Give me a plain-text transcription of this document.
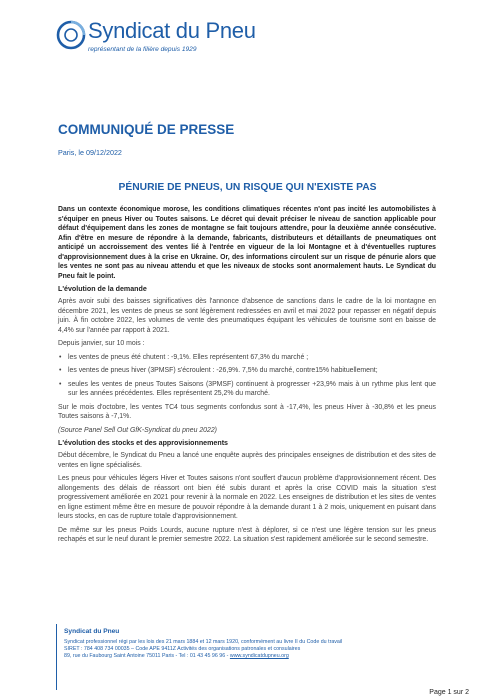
Syndicat du Pneu
représentant de la filière depuis 1929
COMMUNIQUÉ DE PRESSE
Paris, le 09/12/2022
PÉNURIE DE PNEUS, UN RISQUE QUI N'EXISTE PAS

Dans un contexte économique morose, les conditions climatiques récentes n'ont pas incité les automobilistes à s'équiper en pneus Hiver ou Toutes saisons. Le décret qui devait préciser le niveau de sanction applicable pour défaut d'équipement dans les zones de montagne se fait toujours attendre, pour la deuxième année consécutive. Afin d'être en mesure de répondre à la demande, fabricants, distributeurs et détaillants de pneumatiques ont anticipé un accroissement des ventes lié à l'entrée en vigueur de la loi Montagne et à d'éventuelles ruptures d'approvisionnement dues à la crise en Ukraine. Or, des informations circulent sur un risque de pénurie alors que les ventes ne sont pas au niveau attendu et que les niveaux de stocks sont anormalement hauts. Le Syndicat du Pneu fait le point.

L'évolution de la demande

Après avoir subi des baisses significatives dès l'annonce d'absence de sanctions dans le cadre de la loi montagne en décembre 2021, les ventes de pneus se sont légèrement redressées en avril et mai 2022 pour repasser en négatif depuis juin. À fin octobre 2022, les volumes de vente des pneumatiques équipant les véhicules de tourisme sont en baisse de 4,4% sur l'année par rapport à 2021.

Depuis janvier, sur 10 mois :

• les ventes de pneus été chutent : -9,1%. Elles représentent 67,3% du marché ;
• les ventes de pneus hiver (3PMSF) s'écroulent : -26,9%. 7,5% du marché, contre15% habituellement;
• seules les ventes de pneus Toutes Saisons (3PMSF) continuent à progresser +23,9% mais à un rythme plus lent que sur les années précédentes. Elles représentent 25,2% du marché.

Sur le mois d'octobre, les ventes TC4 tous segments confondus sont à -17,4%, les pneus Hiver à -30,8% et les pneus Toutes saisons à -7,1%.

(Source Panel Sell Out GfK-Syndicat du pneu 2022)

L'évolution des stocks et des approvisionnements

Début décembre, le Syndicat du Pneu a lancé une enquête auprès des principales enseignes de distribution et des sites de ventes en ligne spécialisés.

Les pneus pour véhicules légers Hiver et Toutes saisons n'ont souffert d'aucun problème d'approvisionnement récent. Des allongements des délais de réassort ont bien été subis durant et après la crise COVID mais la situation s'est progressivement améliorée en 2021 pour revenir à la normale en 2022. Les enseignes de distribution et les sites de ventes en ligne estiment même être en mesure de pouvoir répondre à la demande durant 1 à 2 mois, uniquement en puisant dans leurs stocks, en cas de rupture totale d'approvisionnement.

De même sur les pneus Poids Lourds, aucune rupture n'est à déplorer, si ce n'est une légère tension sur les pneus rechapés et sur le neuf durant le premier semestre 2022. La situation s'est rapidement améliorée sur le second semestre.

Syndicat du Pneu
Syndicat professionnel régi par les lois des 21 mars 1884 et 12 mars 1920, conformément au livre II du Code du travail
SIRET : 784 408 734 00035 – Code APE 9411Z Activités des organisations patronales et consulaires
89, rue du Faubourg Saint Antoine 75011 Paris - Tel : 01 43 45 96 96 - www.syndicatdupneu.org
Page 1 sur 2
